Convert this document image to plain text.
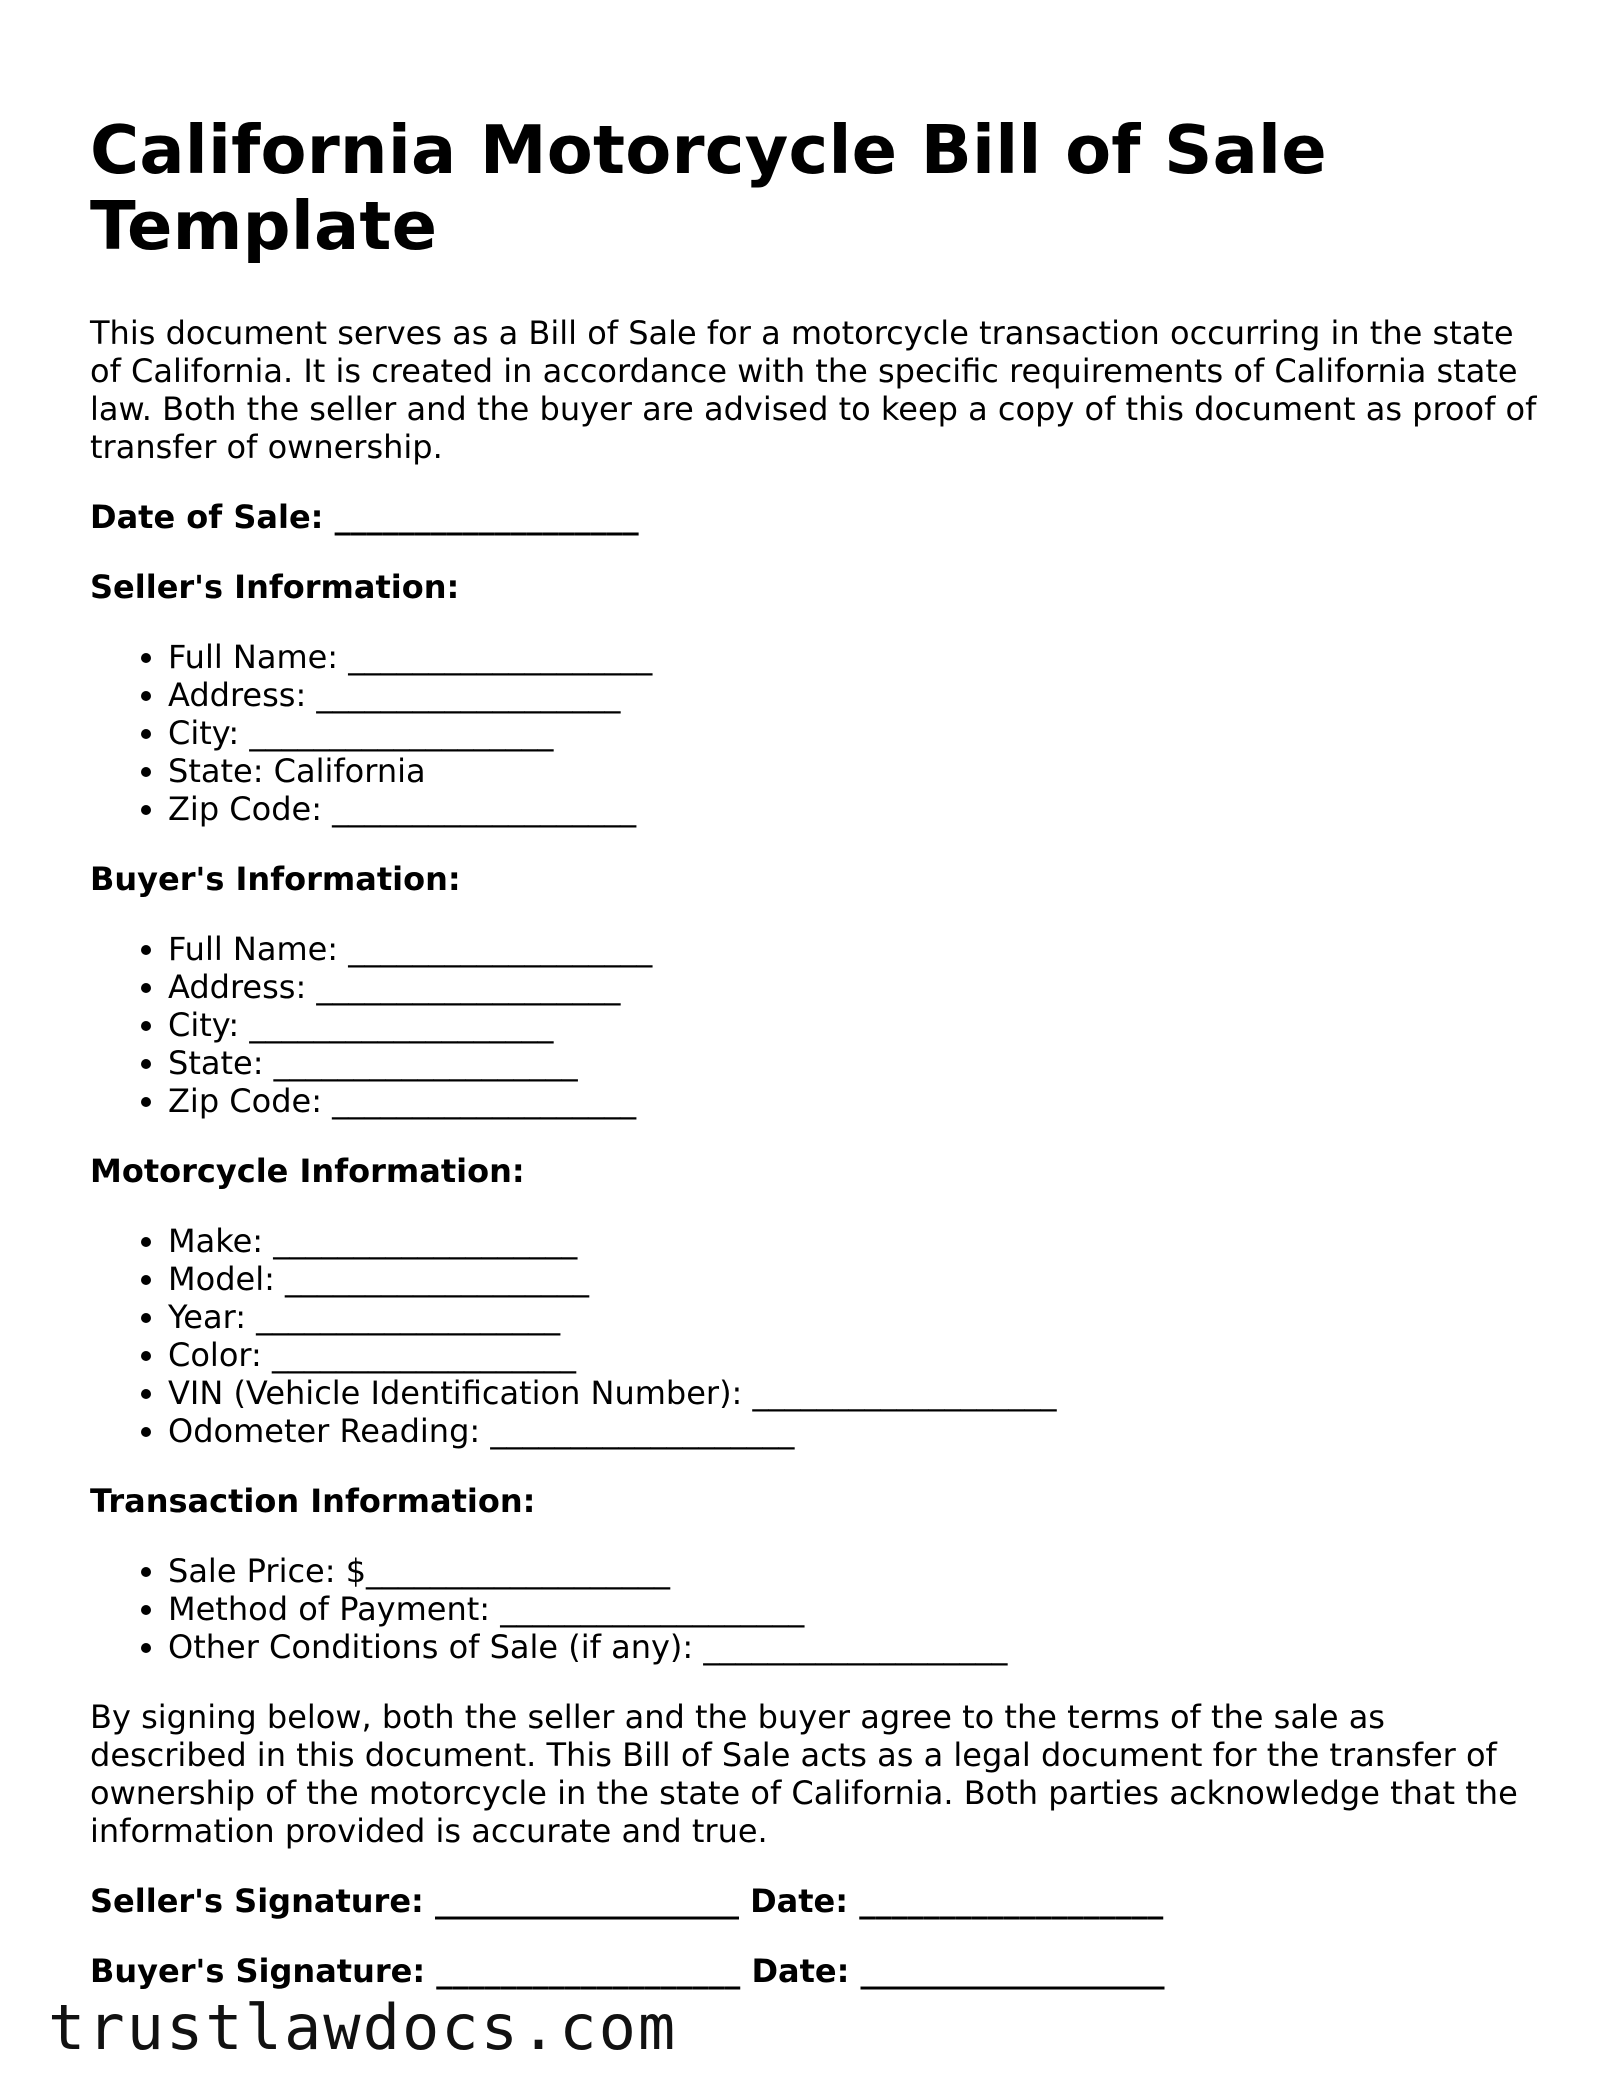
California Motorcycle Bill of Sale Template

This document serves as a Bill of Sale for a motorcycle transaction occurring in the state of California. It is created in accordance with the specific requirements of California state law. Both the seller and the buyer are advised to keep a copy of this document as proof of transfer of ownership.

Date of Sale: ___________________
Seller's Information:
• Full Name: ___________________
• Address: ___________________
• City: ___________________
• State: California
• Zip Code: ___________________
Buyer's Information:
• Full Name: ___________________
• Address: ___________________
• City: ___________________
• State: ___________________
• Zip Code: ___________________
Motorcycle Information:
• Make: ___________________
• Model: ___________________
• Year: ___________________
• Color: ___________________
• VIN (Vehicle Identification Number): ___________________
• Odometer Reading: ___________________
Transaction Information:
• Sale Price: $___________________
• Method of Payment: ___________________
• Other Conditions of Sale (if any): ___________________

By signing below, both the seller and the buyer agree to the terms of the sale as described in this document. This Bill of Sale acts as a legal document for the transfer of ownership of the motorcycle in the state of California. Both parties acknowledge that the information provided is accurate and true.

Seller's Signature: ___________________ Date: ___________________
Buyer's Signature: ___________________ Date: ___________________
trustlawdocs.com
